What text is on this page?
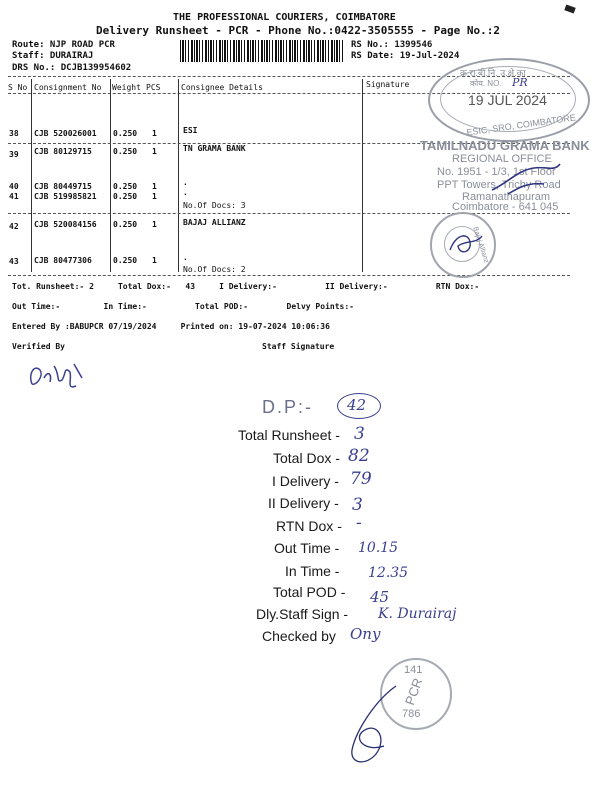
THE PROFESSIONAL COURIERS, COIMBATORE
Delivery Runsheet - PCR - Phone No.:0422-3505555 - Page No.:2
Route: NJP ROAD PCR
Staff: DURAIRAJ
DRS No.: DCJB139954602
RS No.: 1399546
RS Date: 19-Jul-2024
S No Consignment No Weight PCS	Consignee Details	Signature
38 CJB 520026001 0.250 1	ESI
39 CJB 80129715	0.250 1	TN GRAMA BANK
40 CJB 80449715	0.250 1	.
41 CJB 519985821 0.250 1	.
No.Of Docs: 3
42 CJB 520084156 0.250 1	BAJAJ ALLIANZ
43 CJB 80477306	0.250 1	.
No.Of Docs: 2
Tot. Runsheet:- 2     Total Dox:-   43     I Delivery:-          II Delivery:-          RTN Dox:-
Out Time:-         In Time:-          Total POD:-        Delvy Points:-
Entered By :BABUPCR 07/19/2024     Printed on: 19-07-2024 10:06:36
Verified By	Staff Signature
क.रा.बी.नि. उ.क्षे.का
कोय. NO. PR
19 JUL 2024
ESIC, SRO, COIMBATORE
TAMILNADU GRAMA BANK
REGIONAL OFFICE
No. 1951 - 1/3, 1st Floor
PPT Towers, Trichy Road
Ramanathapuram
Coimbatore - 641 045
Bajaj Allianz
D.P:- 42
Total Runsheet - 3
Total Dox - 82
I Delivery - 79
II Delivery - 3
RTN Dox - -
Out Time - 10.15
In Time - 12.35
Total POD - 45
Dly.Staff Sign - K. Durairaj
Checked by Ony
141
PCR
786
